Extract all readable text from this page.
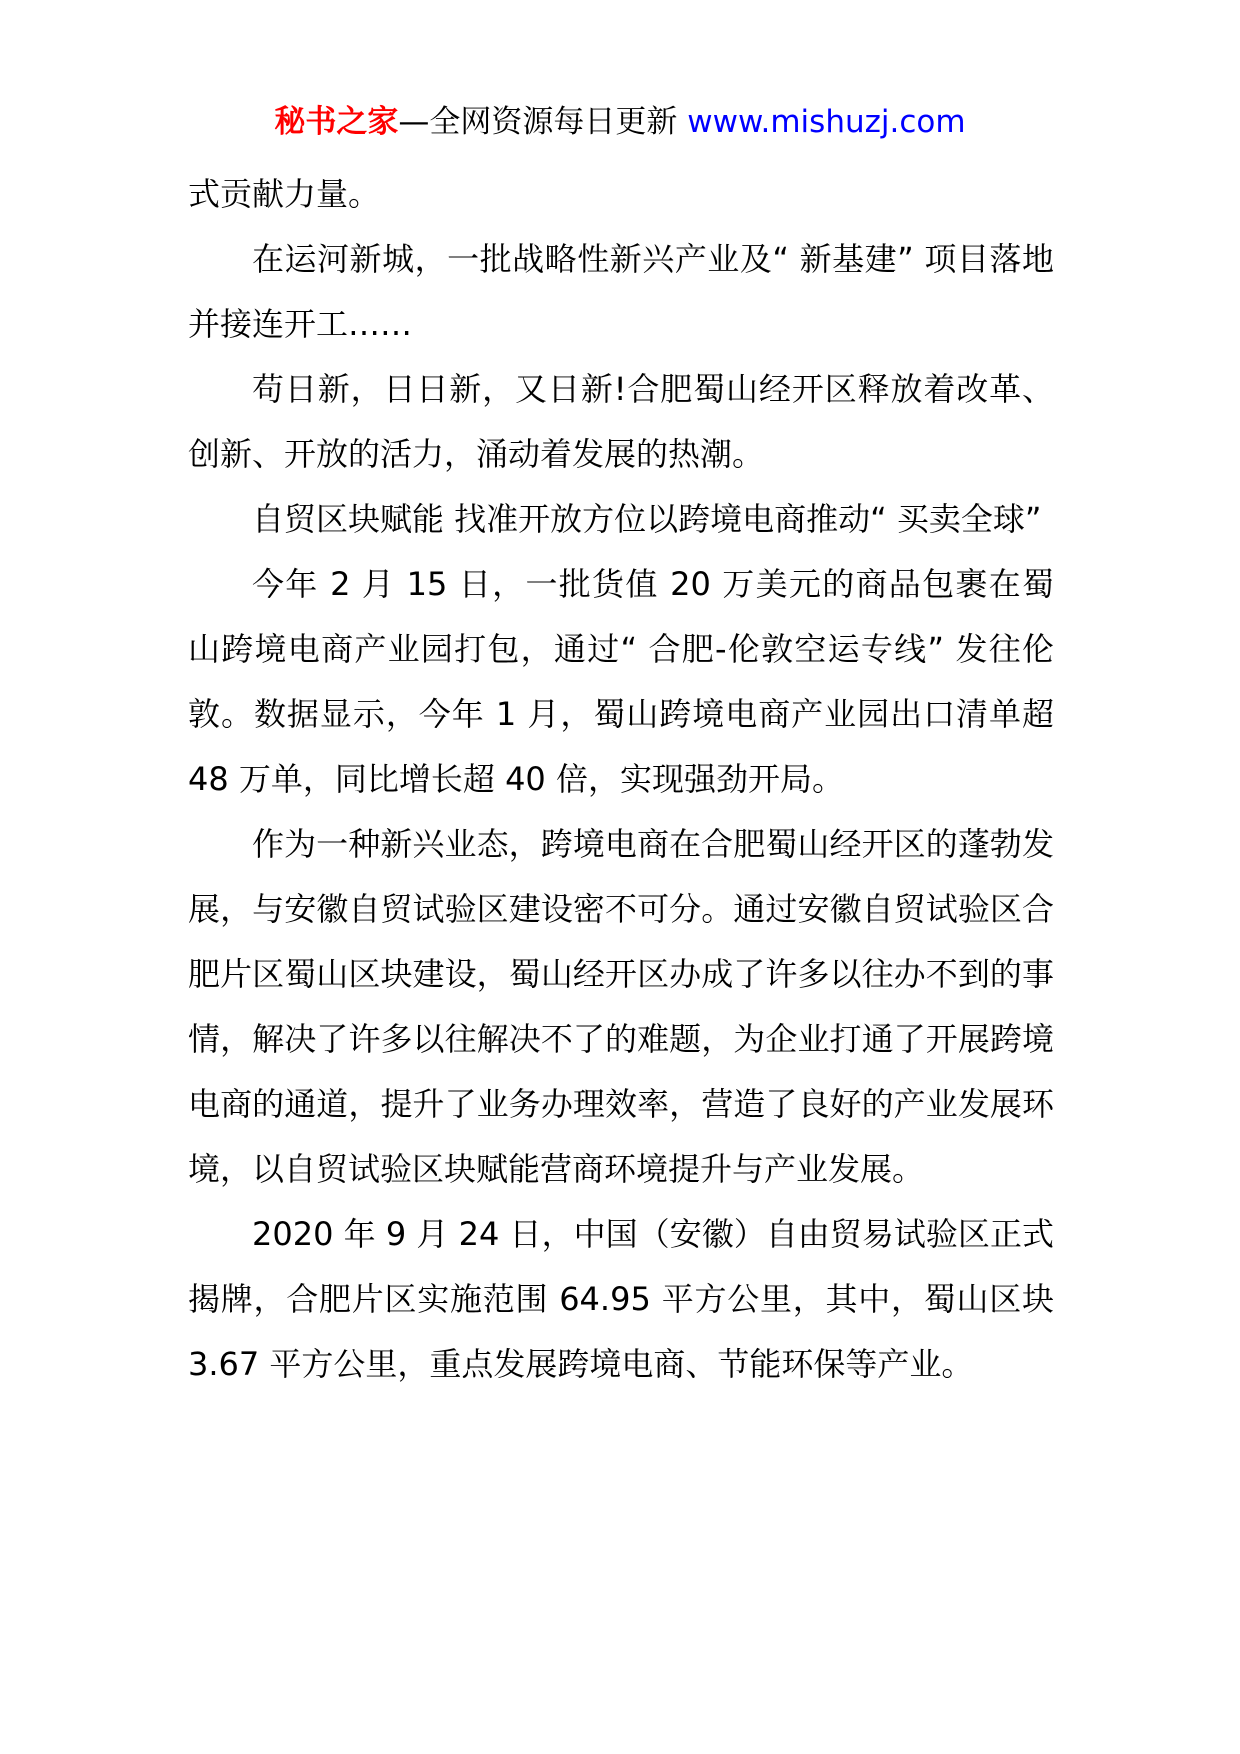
秘书之家—全网资源每日更新 www.mishuzj.com

式贡献力量。

在运河新城，一批战略性新兴产业及“ 新基建” 项目落地并接连开工……

苟日新，日日新，又日新!合肥蜀山经开区释放着改革、创新、开放的活力，涌动着发展的热潮。

自贸区块赋能 找准开放方位以跨境电商推动“ 买卖全球”

今年 2 月 15 日，一批货值 20 万美元的商品包裹在蜀山跨境电商产业园打包，通过“ 合肥-伦敦空运专线” 发往伦敦。数据显示，今年 1 月，蜀山跨境电商产业园出口清单超 48 万单，同比增长超 40 倍，实现强劲开局。

作为一种新兴业态，跨境电商在合肥蜀山经开区的蓬勃发展，与安徽自贸试验区建设密不可分。通过安徽自贸试验区合肥片区蜀山区块建设，蜀山经开区办成了许多以往办不到的事情，解决了许多以往解决不了的难题，为企业打通了开展跨境电商的通道，提升了业务办理效率，营造了良好的产业发展环境，以自贸试验区块赋能营商环境提升与产业发展。

2020 年 9 月 24 日，中国（安徽）自由贸易试验区正式揭牌，合肥片区实施范围 64.95 平方公里，其中，蜀山区块 3.67 平方公里，重点发展跨境电商、节能环保等产业。
